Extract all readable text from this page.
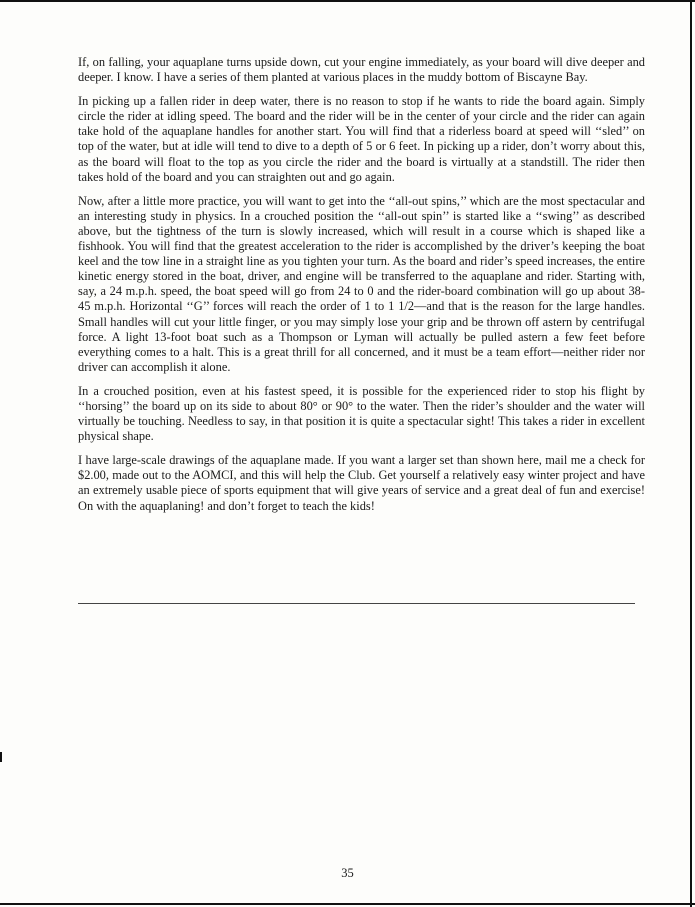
If, on falling, your aquaplane turns upside down, cut your engine immediately, as your board will dive deeper and deeper. I know. I have a series of them planted at various places in the muddy bottom of Biscayne Bay.

In picking up a fallen rider in deep water, there is no reason to stop if he wants to ride the board again. Simply circle the rider at idling speed. The board and the rider will be in the center of your circle and the rider can again take hold of the aquaplane handles for another start. You will find that a riderless board at speed will ‘‘sled’’ on top of the water, but at idle will tend to dive to a depth of 5 or 6 feet. In picking up a rider, don’t worry about this, as the board will float to the top as you circle the rider and the board is virtually at a standstill. The rider then takes hold of the board and you can straighten out and go again.

Now, after a little more practice, you will want to get into the ‘‘all-out spins,’’ which are the most spectacular and an interesting study in physics. In a crouched position the ‘‘all-out spin’’ is started like a ‘‘swing’’ as described above, but the tightness of the turn is slowly increased, which will result in a course which is shaped like a fishhook. You will find that the greatest acceleration to the rider is accomplished by the driver’s keeping the boat keel and the tow line in a straight line as you tighten your turn. As the board and rider’s speed increases, the entire kinetic energy stored in the boat, driver, and engine will be transferred to the aquaplane and rider. Starting with, say, a 24 m.p.h. speed, the boat speed will go from 24 to 0 and the rider-board combination will go up about 38-45 m.p.h. Horizontal ‘‘G’’ forces will reach the order of 1 to 1 1/2—and that is the reason for the large handles. Small handles will cut your little finger, or you may simply lose your grip and be thrown off astern by centrifugal force. A light 13-foot boat such as a Thompson or Lyman will actually be pulled astern a few feet before everything comes to a halt. This is a great thrill for all concerned, and it must be a team effort—neither rider nor driver can accomplish it alone.

In a crouched position, even at his fastest speed, it is possible for the experienced rider to stop his flight by ‘‘horsing’’ the board up on its side to about 80° or 90° to the water. Then the rider’s shoulder and the water will virtually be touching. Needless to say, in that position it is quite a spectacular sight! This takes a rider in excellent physical shape.

I have large-scale drawings of the aquaplane made. If you want a larger set than shown here, mail me a check for $2.00, made out to the AOMCI, and this will help the Club. Get yourself a relatively easy winter project and have an extremely usable piece of sports equipment that will give years of service and a great deal of fun and exercise! On with the aquaplaning! and don’t forget to teach the kids!

35
